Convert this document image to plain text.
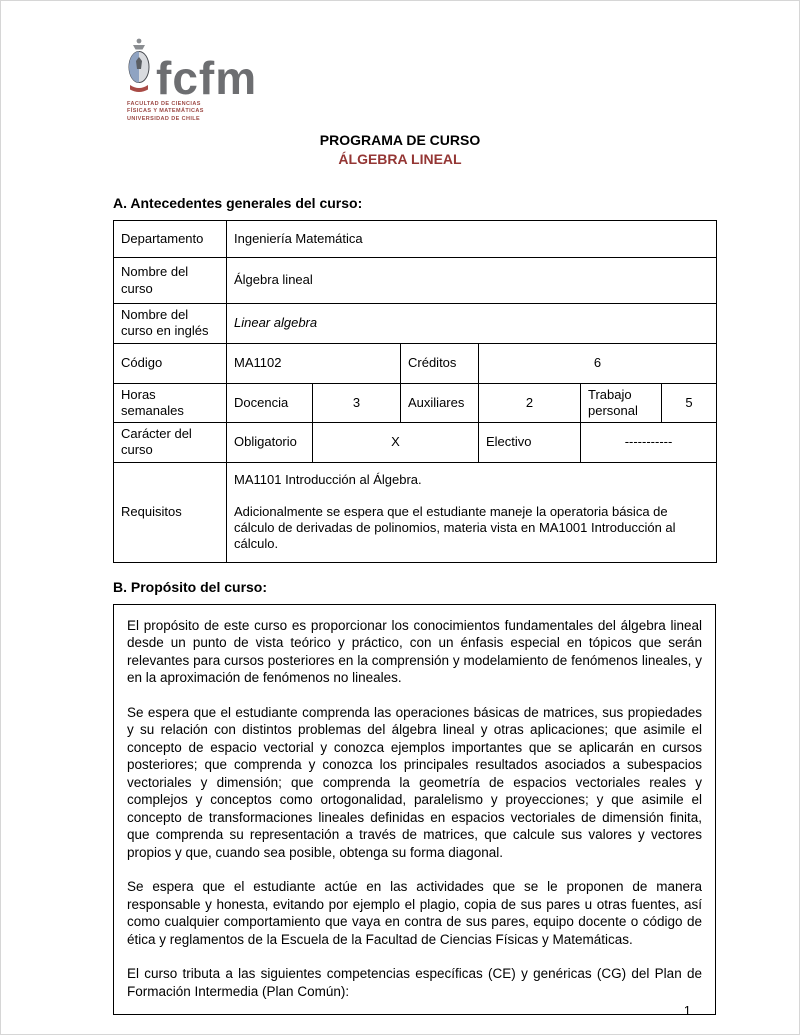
fcfm
FACULTAD DE CIENCIAS
FÍSICAS Y MATEMÁTICAS
UNIVERSIDAD DE CHILE
PROGRAMA DE CURSO
ÁLGEBRA LINEAL
A. Antecedentes generales del curso:
Departamento	Ingeniería Matemática					
Nombre del curso	Álgebra lineal					
Nombre del curso en inglés	Linear algebra					
Código	MA1102		Créditos	6		
Horas semanales	Docencia	3	Auxiliares	2	Trabajo personal	5
Carácter del curso	Obligatorio	X		Electivo	-----------	
Requisitos	MA1101 Introducción al Álgebra.
Adicionalmente se espera que el estudiante maneje la operatoria básica de cálculo de derivadas de polinomios, materia vista en MA1001 Introducción al cálculo.					
B. Propósito del curso:

El propósito de este curso es proporcionar los conocimientos fundamentales del álgebra lineal desde un punto de vista teórico y práctico, con un énfasis especial en tópicos que serán relevantes para cursos posteriores en la comprensión y modelamiento de fenómenos lineales, y en la aproximación de fenómenos no lineales.

Se espera que el estudiante comprenda las operaciones básicas de matrices, sus propiedades y su relación con distintos problemas del álgebra lineal y otras aplicaciones; que asimile el concepto de espacio vectorial y conozca ejemplos importantes que se aplicarán en cursos posteriores; que comprenda y conozca los principales resultados asociados a subespacios vectoriales y dimensión; que comprenda la geometría de espacios vectoriales reales y complejos y conceptos como ortogonalidad, paralelismo y proyecciones; y que asimile el concepto de transformaciones lineales definidas en espacios vectoriales de dimensión finita, que comprenda su representación a través de matrices, que calcule sus valores y vectores propios y que, cuando sea posible, obtenga su forma diagonal.

Se espera que el estudiante actúe en las actividades que se le proponen de manera responsable y honesta, evitando por ejemplo el plagio, copia de sus pares u otras fuentes, así como cualquier comportamiento que vaya en contra de sus pares, equipo docente o código de ética y reglamentos de la Escuela de la Facultad de Ciencias Físicas y Matemáticas.

El curso tributa a las siguientes competencias específicas (CE) y genéricas (CG) del Plan de Formación Intermedia (Plan Común):

1
